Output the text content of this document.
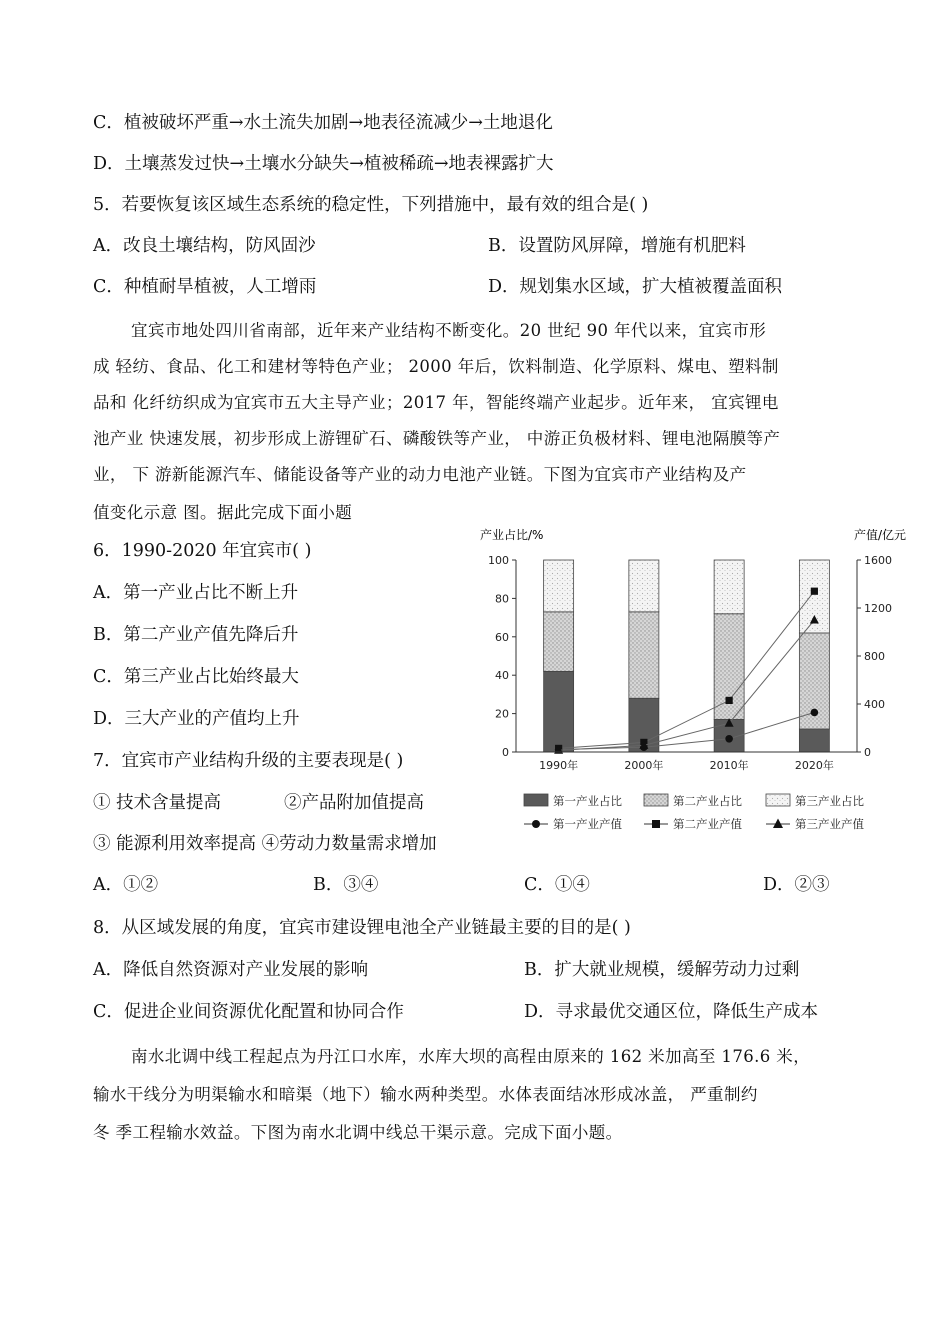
C．植被破坏严重→水土流失加剧→地表径流减少→土地退化
D．土壤蒸发过快→土壤水分缺失→植被稀疏→地表裸露扩大
5．若要恢复该区域生态系统的稳定性，下列措施中，最有效的组合是( )
A．改良土壤结构，防风固沙	B．设置防风屏障，增施有机肥料
C．种植耐旱植被，人工增雨	D．规划集水区域，扩大植被覆盖面积
宜宾市地处四川省南部，近年来产业结构不断变化。20 世纪 90 年代以来，宜宾市形
成 轻纺、食品、化工和建材等特色产业； 2000 年后，饮料制造、化学原料、煤电、塑料制
品和 化纤纺织成为宜宾市五大主导产业；2017 年，智能终端产业起步。近年来， 宜宾锂电
池产业 快速发展，初步形成上游锂矿石、磷酸铁等产业， 中游正负极材料、锂电池隔膜等产
业， 下 游新能源汽车、储能设备等产业的动力电池产业链。下图为宜宾市产业结构及产
值变化示意 图。据此完成下面小题
6．1990-2020 年宜宾市( )
A．第一产业占比不断上升
B．第二产业产值先降后升
C．第三产业占比始终最大
D．三大产业的产值均上升
7．宜宾市产业结构升级的主要表现是( )
① 技术含量提高	②产品附加值提高
③ 能源利用效率提高 ④劳动力数量需求增加
A．①②	B．③④	C．①④	D．②③
8．从区域发展的角度，宜宾市建设锂电池全产业链最主要的目的是( )
A．降低自然资源对产业发展的影响	B．扩大就业规模，缓解劳动力过剩
C．促进企业间资源优化配置和协同合作	D．寻求最优交通区位，降低生产成本
南水北调中线工程起点为丹江口水库，水库大坝的高程由原来的 162 米加高至 176.6 米，
输水干线分为明渠输水和暗渠（地下）输水两种类型。水体表面结冰形成冰盖， 严重制约
冬 季工程输水效益。下图为南水北调中线总干渠示意。完成下面小题。
产业占比/%	产值/亿元
0
20
40
60
80
100
0
400
800
1200
1600
1990年	2000年	2010年	2020年
第一产业占比	第二产业占比	第三产业占比
第一产业产值	第二产业产值	第三产业产值
